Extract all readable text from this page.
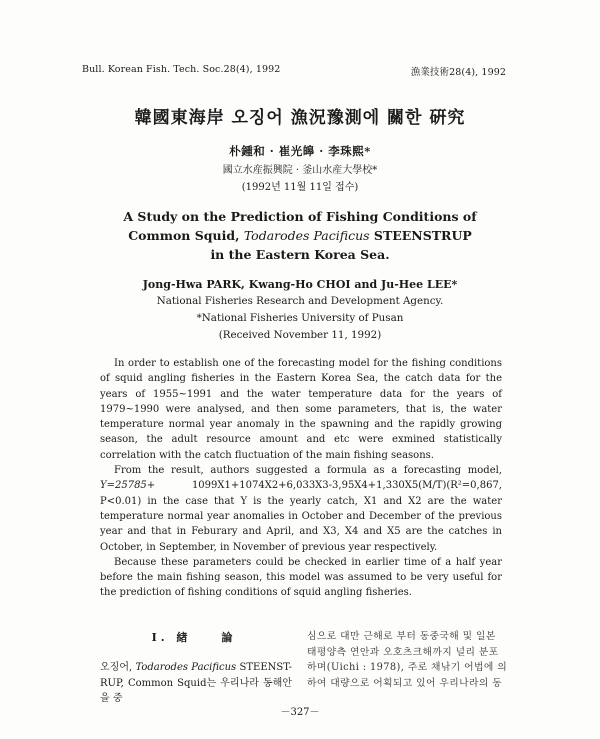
Bull. Korean Fish. Tech. Soc.28(4), 1992	漁業技術28(4), 1992
韓國東海岸 오징어 漁況豫測에 關한 硏究
朴鍾和 · 崔光皞 · 李珠熙*
國立水産振興院 · 釜山水産大學校*
(1992년 11월 11일 접수)
A Study on the Prediction of Fishing Conditions of
Common Squid, Todarodes Pacificus STEENSTRUP
in the Eastern Korea Sea.
Jong-Hwa PARK, Kwang-Ho CHOI and Ju-Hee LEE*
National Fisheries Research and Development Agency.
*National Fisheries University of Pusan
(Received November 11, 1992)

In order to establish one of the forecasting model for the fishing conditions of squid angling fisheries in the Eastern Korea Sea, the catch data for the years of 1955~1991 and the water temperature data for the years of 1979~1990 were analysed, and then some parameters, that is, the water temperature normal year anomaly in the spawning and the rapidly growing season, the adult resource amount and etc were exmined statistically correlation with the catch fluctuation of the main fishing seasons.

From the result, authors suggested a formula as a forecasting model, Y=25785+	1099X1+1074X2+6,033X3-3,95X4+1,330X5(M/T)(R²=0,867, P<0.01) in the case that Y is the yearly catch, X1 and X2 are the water temperature normal year anomalies in October and December of the previous year and that in Feburary and April, and X3, X4 and X5 are the catches in October, in September, in November of previous year respectively.

Because these parameters could be checked in earlier time of a half year before the main fishing season, this model was assumed to be very useful for the prediction of fishing conditions of squid angling fisheries.

Ⅰ. 緖　　論
오징어, Todarodes Pacificus STEENST-RUP, Common Squid는 우리나라 동해안을 중
심으로 대만 근해로 부터 동중국해 및 일본
태평양측 연안과 오호츠크해까지 널리 분포
하며(Uichi : 1978), 주로 채낚기 어법에 의
하여 대량으로 어획되고 있어 우리나라의 동
－327－
